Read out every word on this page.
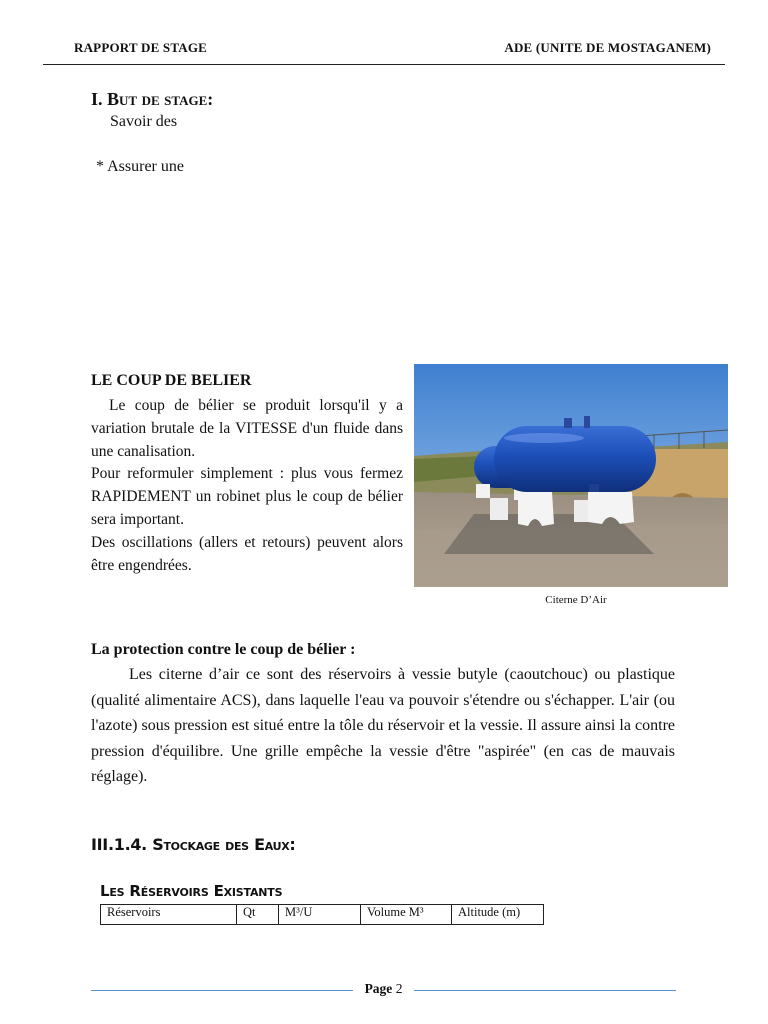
RAPPORT DE STAGE	ADE (UNITE DE MOSTAGANEM)
I. But de stage:
Savoir des
* Assurer une
LE COUP DE BELIER

Le coup de bélier se produit lorsqu'il y a variation brutale de la VITESSE d'un fluide dans une canalisation.

Pour reformuler simplement : plus vous fermez RAPIDEMENT un robinet plus le coup de bélier sera important.

Des oscillations (allers et retours) peuvent alors être engendrées.

Citerne D’Air
La protection contre le coup de bélier :

Les citerne d’air ce sont des réservoirs à vessie butyle (caoutchouc) ou plastique (qualité alimentaire ACS), dans laquelle l'eau va pouvoir s'étendre ou s'échapper. L'air (ou l'azote) sous pression est situé entre la tôle du réservoir et la vessie. Il assure ainsi la contre pression d'équilibre. Une grille empêche la vessie d'être "aspirée" (en cas de mauvais réglage).

III.1.4. Stockage des Eaux:
Les Réservoirs Existants
Réservoirs	Qt	M³/U	Volume M³	Altitude (m)
Page 2
